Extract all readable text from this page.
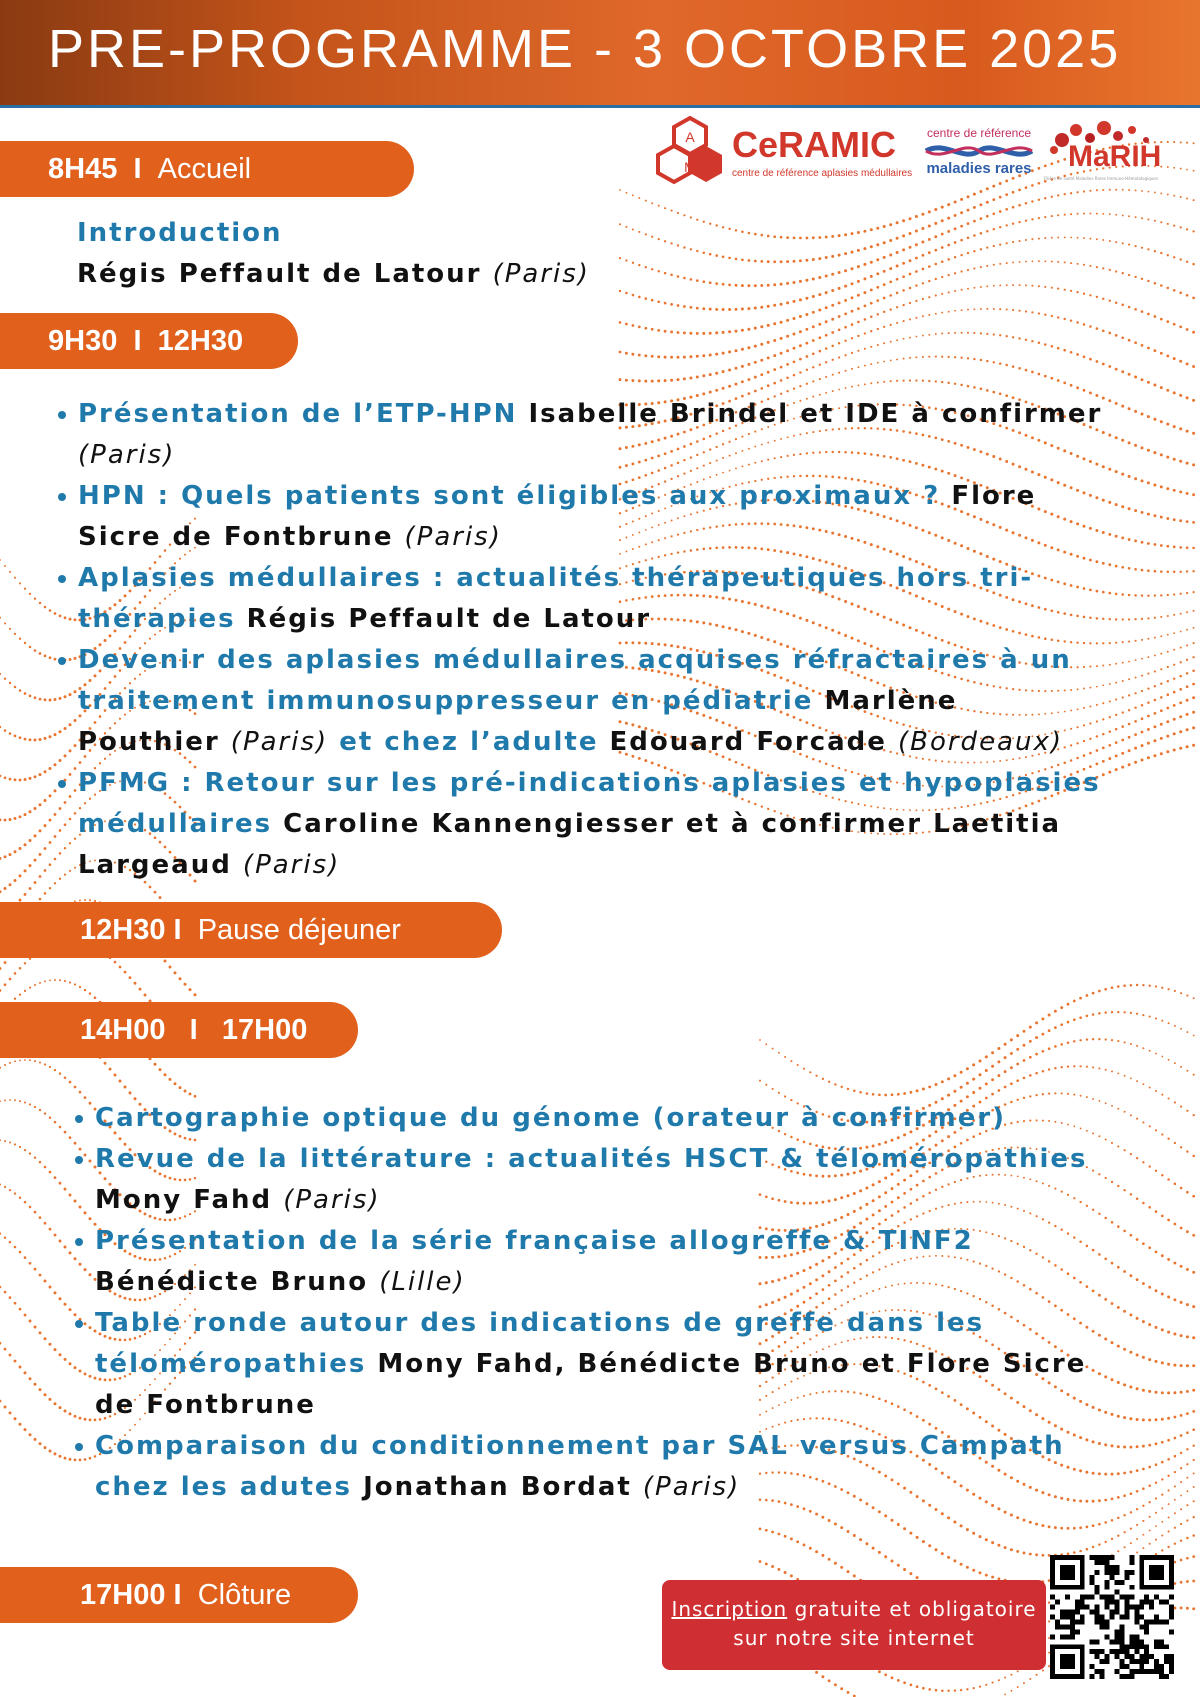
PRE-PROGRAMME - 3 OCTOBRE 2025
A
M
CeRAMIC
centre de référence aplasies médullaires
centre de référence
maladies rares MaRIH
Filière de santé Maladies Rares Immuno-Hématologiques
8H45 I Accueil
Introduction
Régis Peffault de Latour (Paris)
9H30 I 12H30
Présentation de l’ETP-HPN Isabelle Brindel et IDE à confirmer (Paris)
HPN : Quels patients sont éligibles aux proximaux ? Flore Sicre de Fontbrune (Paris)
Aplasies médullaires : actualités thérapeutiques hors tri-thérapies Régis Peffault de Latour
Devenir des aplasies médullaires acquises réfractaires à un traitement immunosuppresseur en pédiatrie Marlène Pouthier (Paris) et chez l’adulte Edouard Forcade (Bordeaux)
PFMG : Retour sur les pré-indications aplasies et hypoplasies médullaires Caroline Kannengiesser et à confirmer Laetitia Largeaud (Paris)
12H30 I Pause déjeuner
14H00 I 17H00
Cartographie optique du génome (orateur à confirmer)
Revue de la littérature : actualités HSCT & téloméropathies Mony Fahd (Paris)
Présentation de la série française allogreffe & TINF2 Bénédicte Bruno (Lille)
Table ronde autour des indications de greffe dans les téloméropathies Mony Fahd, Bénédicte Bruno et Flore Sicre de Fontbrune
Comparaison du conditionnement par SAL versus Campath chez les adutes Jonathan Bordat (Paris)
17H00 I Clôture	Inscription gratuite et obligatoire
sur notre site internet
